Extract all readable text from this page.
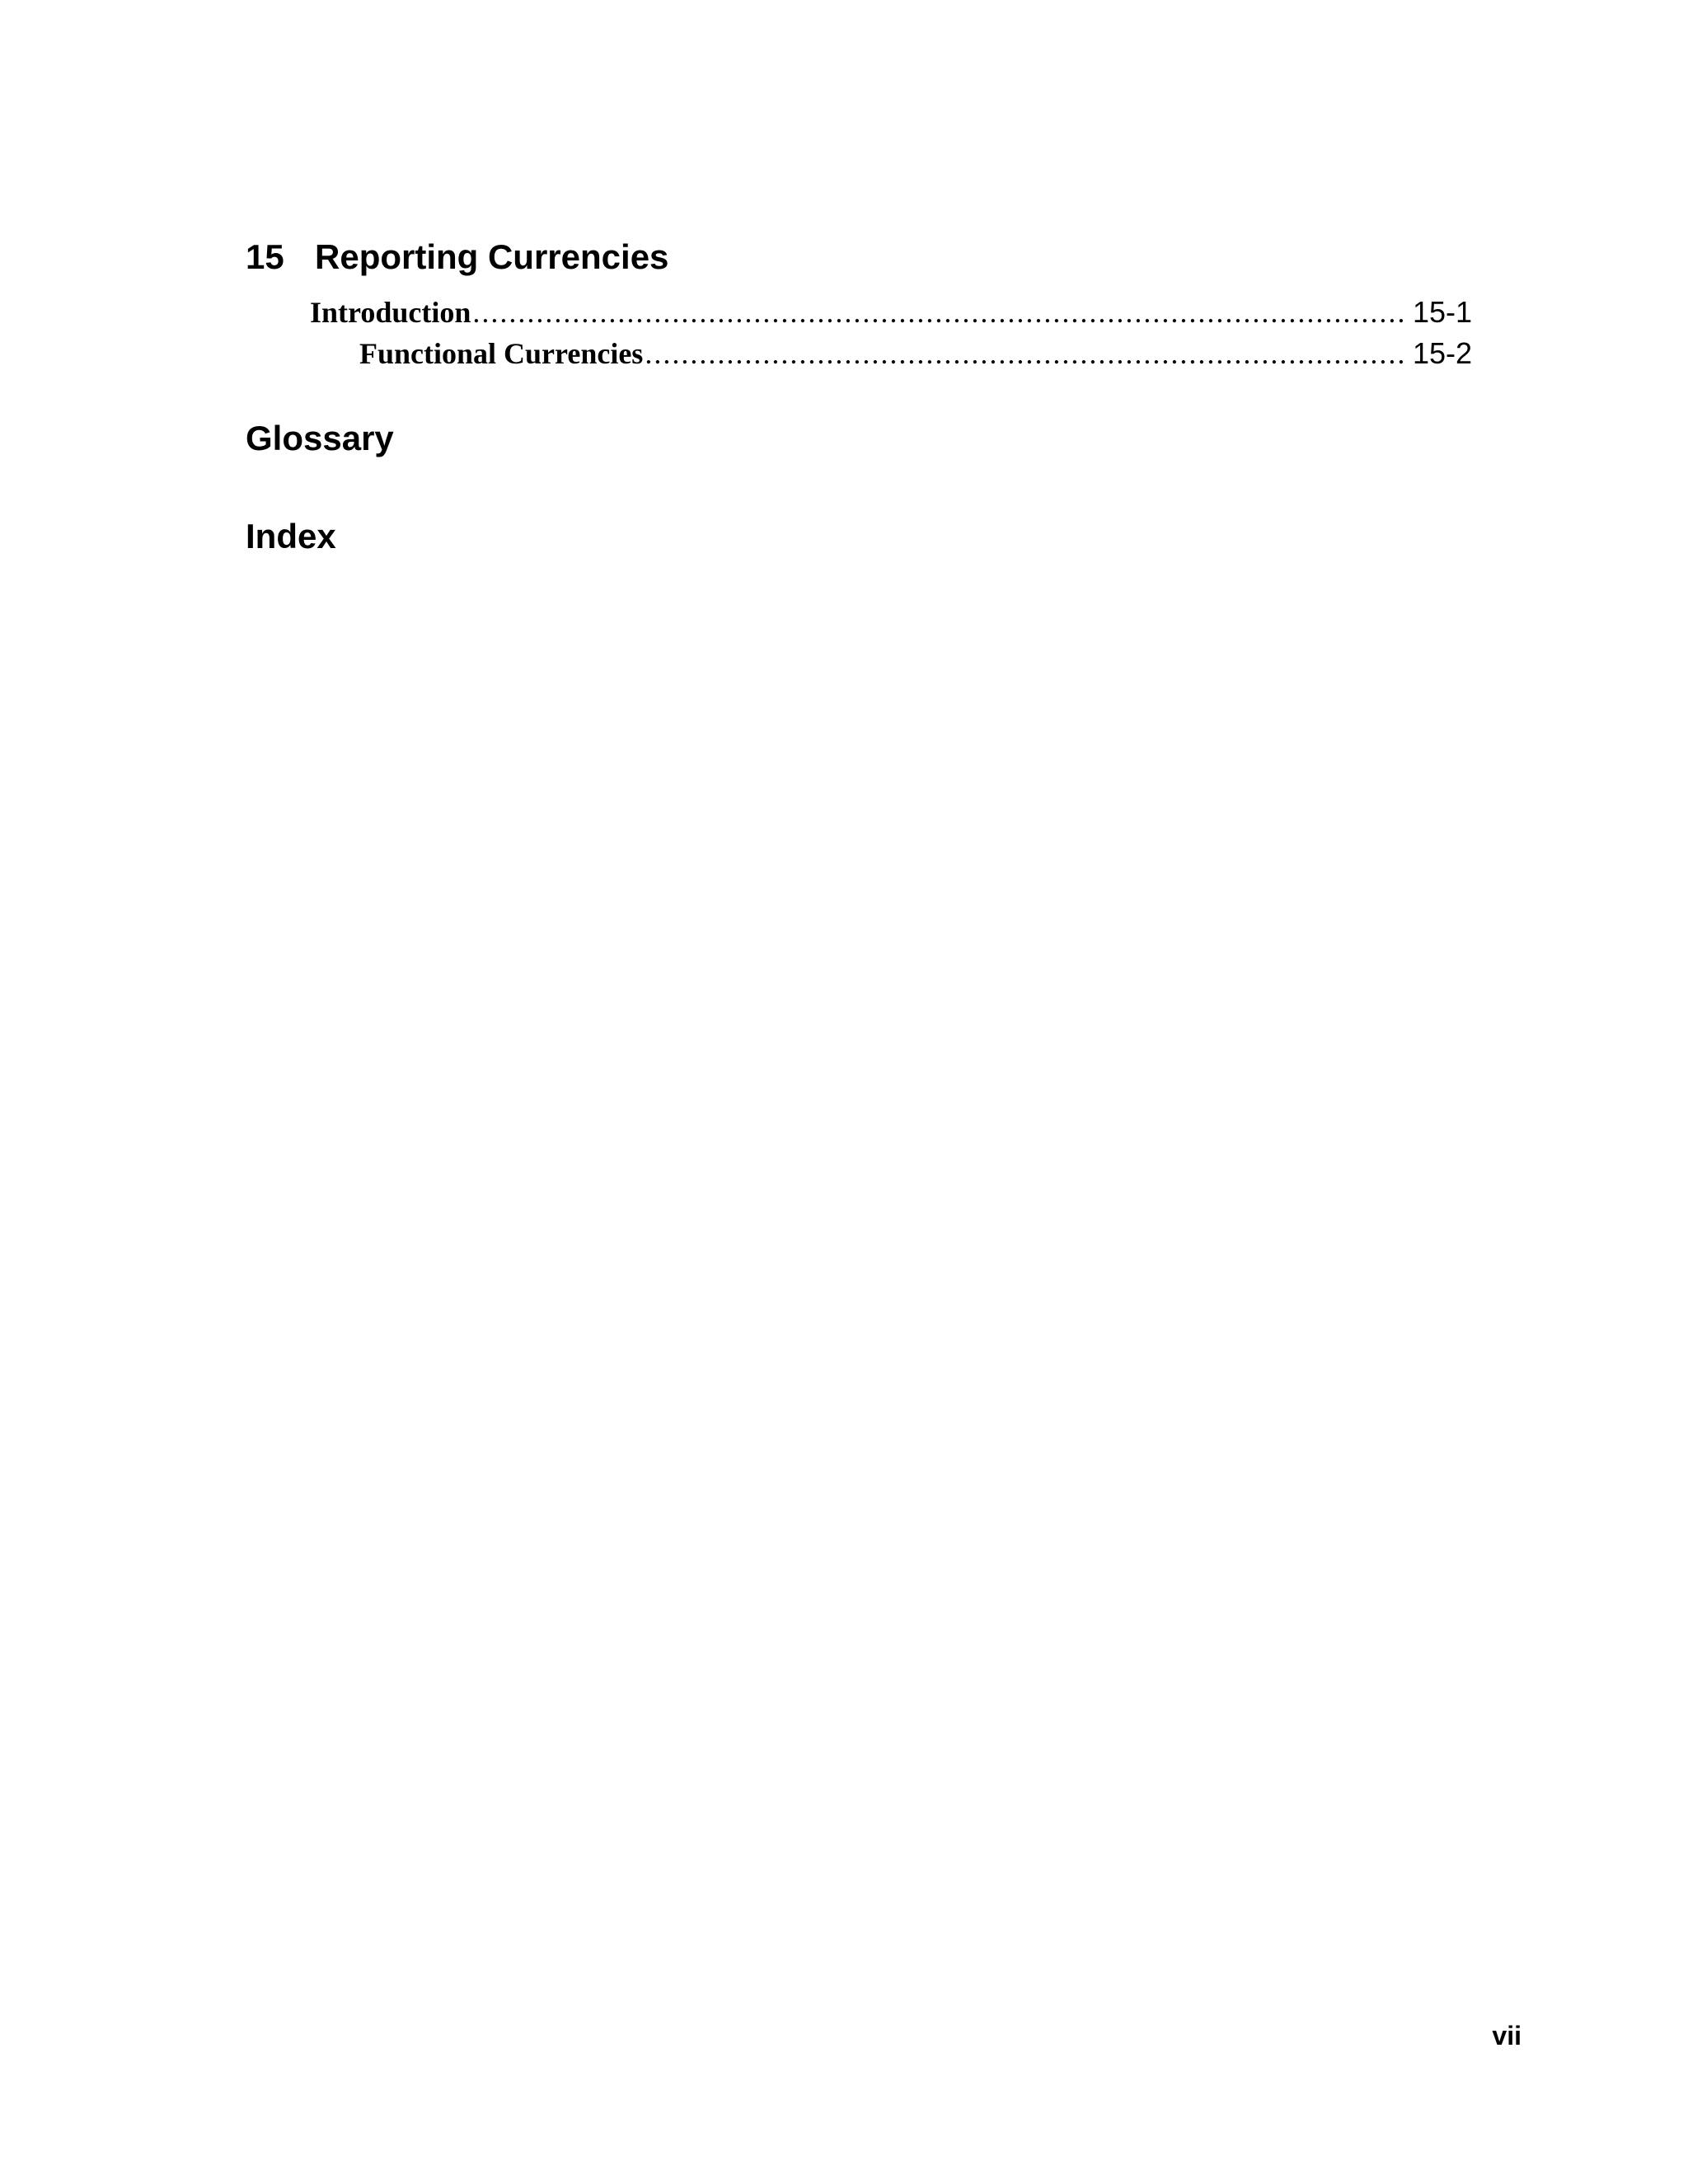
15 Reporting Currencies
Introduction .....	15-1
Functional Currencies .....	15-2
Glossary
Index
vii
